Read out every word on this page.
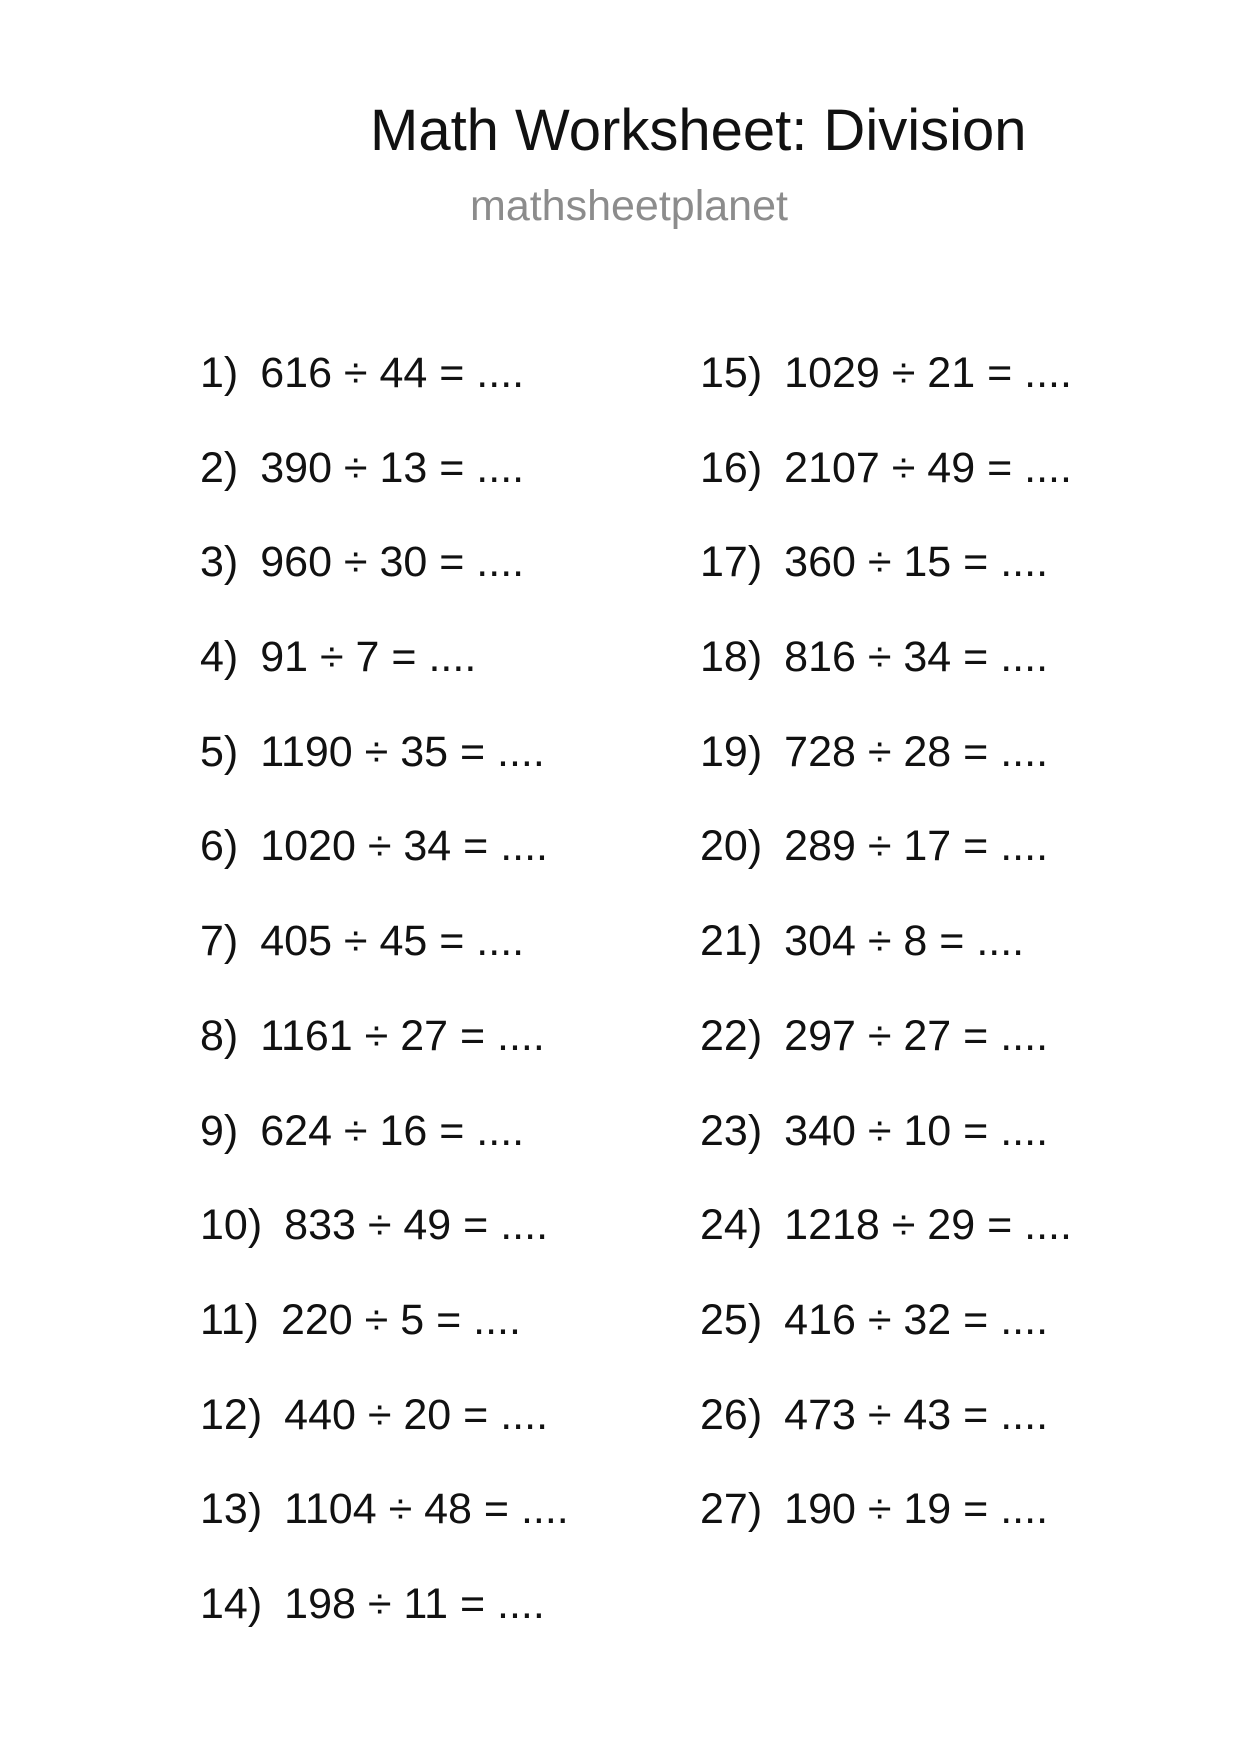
Math Worksheet: Division
mathsheetplanet
1) 616 ÷ 44 = ....
2) 390 ÷ 13 = ....
3) 960 ÷ 30 = ....
4) 91 ÷ 7 = ....
5) 1190 ÷ 35 = ....
6) 1020 ÷ 34 = ....
7) 405 ÷ 45 = ....
8) 1161 ÷ 27 = ....
9) 624 ÷ 16 = ....
10) 833 ÷ 49 = ....
11) 220 ÷ 5 = ....
12) 440 ÷ 20 = ....
13) 1104 ÷ 48 = ....
14) 198 ÷ 11 = ....
15) 1029 ÷ 21 = ....
16) 2107 ÷ 49 = ....
17) 360 ÷ 15 = ....
18) 816 ÷ 34 = ....
19) 728 ÷ 28 = ....
20) 289 ÷ 17 = ....
21) 304 ÷ 8 = ....
22) 297 ÷ 27 = ....
23) 340 ÷ 10 = ....
24) 1218 ÷ 29 = ....
25) 416 ÷ 32 = ....
26) 473 ÷ 43 = ....
27) 190 ÷ 19 = ....
